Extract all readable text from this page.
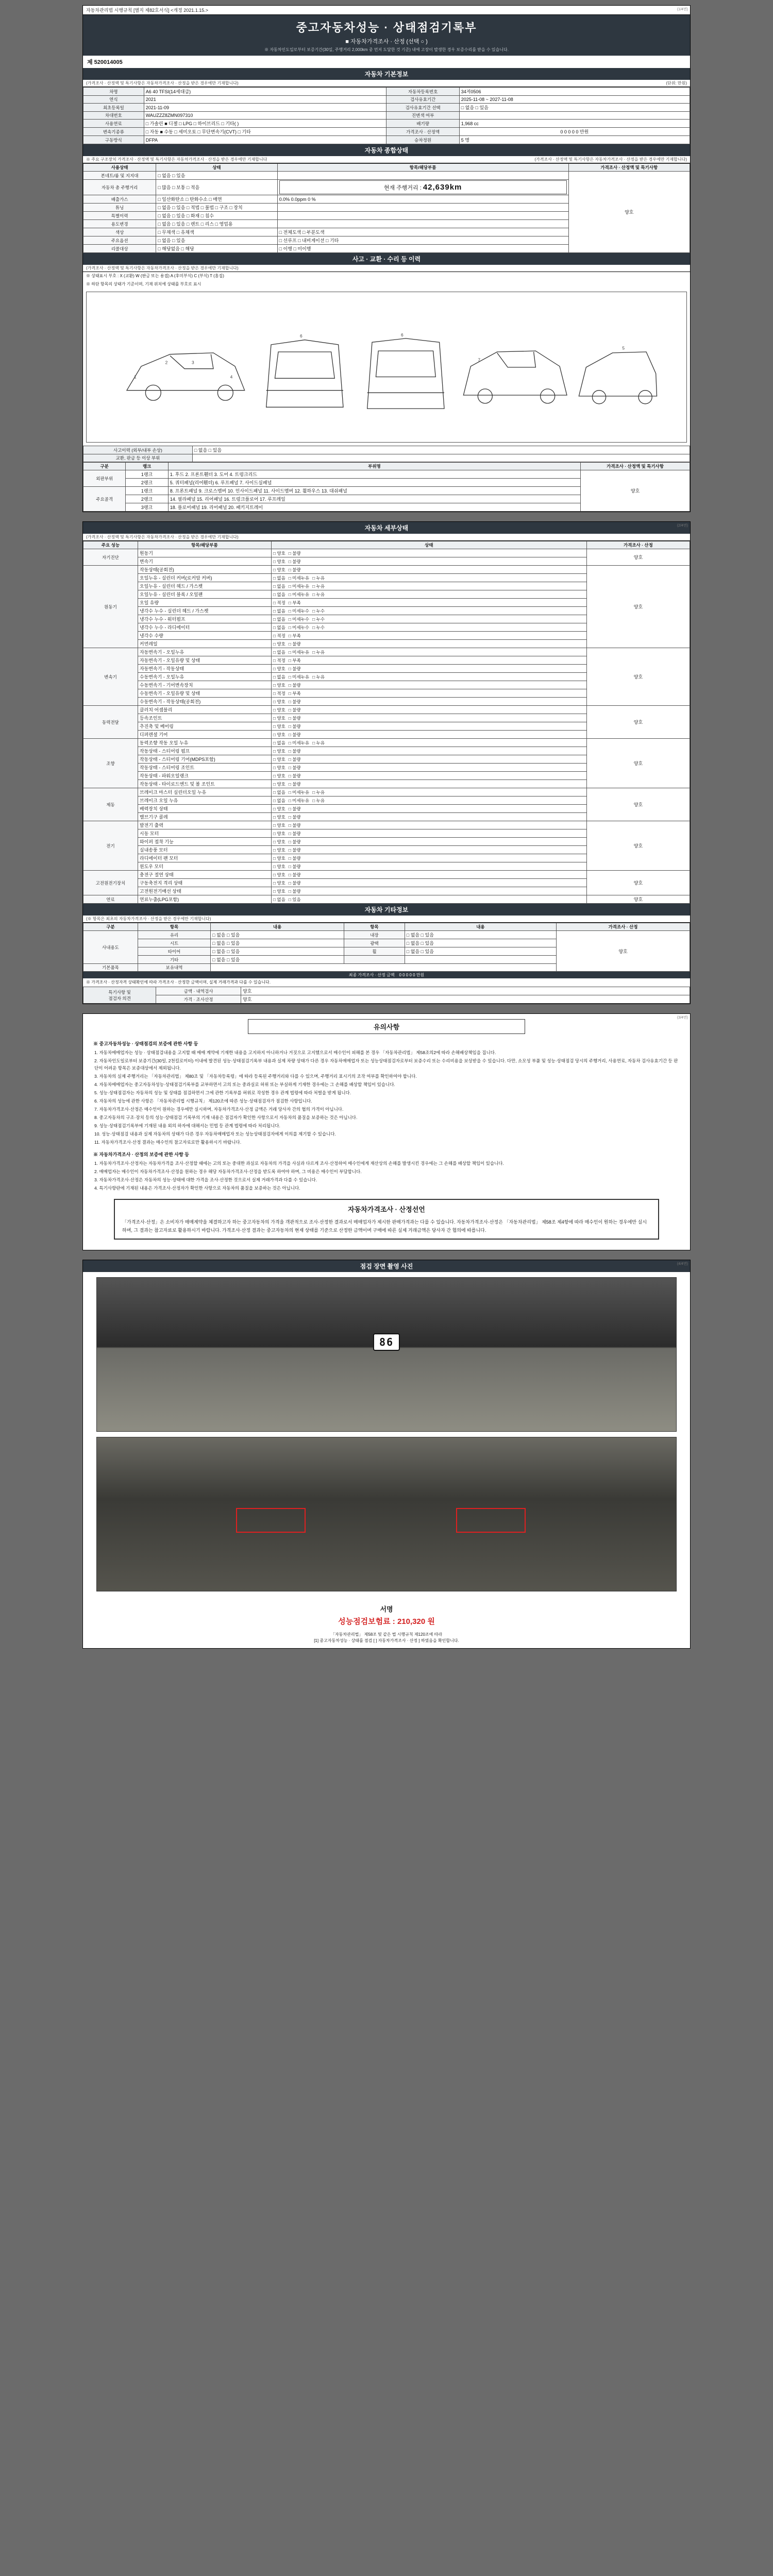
(1/4면)
자동차관리법 시행규칙 [별지 제82호서식] <개정 2021.1.15.>
중고자동차성능 · 상태점검기록부
■ 자동차가격조사 · 산정 (선택 ○ )
※ 자동차인도일로부터 보증기간(30일, 주행거리 2,000km 중 먼저 도달한 것 기준) 내에 고장이 발생한 경우 보증수리를 받을 수 있습니다.
제 520014005
자동차 기본정보
(가격조사 · 산정액 및 특기사항은 자동차가격조사 · 산정을 받은 경우에만 기재합니다)	(단위: 만원)
차명	A6 40 TFSI(14세대급)	자동차등록번호	34저0506
연식	2021	검사유효기간	2025-11-08 ~ 2027-11-08
최초등록일	2021-11-09	검사유효기간 선택	□ 없음 □ 있음
차대번호	WAUZZZ8ZMN097310	진변색 여부	
사용연료	□ 가솔린 ■ 디젤 □ LPG □ 하이브리드 □ 기타( )	배기량	1,968 cc
변속기종류	□ 자동 ■ 수동 □ 세미오토 □ 무단변속기(CVT) □ 기타	가격조사 · 산정액	0 0 0 0 0 만원
구동방식	DFPA	승차정원	5 명
자동차 종합상태
※ 주요 구조장치 가격조사 · 산정액 및 특기사항은 자동차가격조사 · 산정을 받은 경우에만 기재합니다	(가격조사 · 산정액 및 특기사항은 자동차가격조사 · 산정을 받은 경우에만 기재합니다)
사용상태	상태	항목/해당부품	가격조사 · 산정액 및 특기사항
본네트/룸 및 지지대	□ 없음 □ 있음		양호
자동차 총 주행거리	□ 많음 □ 보통 □ 적음	현재 주행거리 : 42,639km	

배출가스	□ 일산화탄소 □ 탄화수소 □ 매연	0.0% 0.0ppm 0 %	
튜닝	□ 없음 □ 있음 □ 적법 □ 불법 □ 구조 □ 장치		
특별이력	□ 없음 □ 있음 □ 화재 □ 침수		
용도변경	□ 없음 □ 있음 □ 렌트 □ 리스 □ 영업용		
색상	□ 무채색 □ 유채색	□ 전체도색 □ 부분도색	
주요옵션	□ 없음 □ 있음	□ 선루프 □ 내비게이션 □ 기타	
리콜대상	□ 해당없음 □ 해당	□ 이행 □ 미이행	
사고 · 교환 · 수리 등 이력
(가격조사 · 산정액 및 특기사항은 자동차가격조사 · 산정을 받은 경우에만 기재합니다)
※ 상태표시 부호 : X (교환) W (판금 또는 용접) A (후미부식) C (부식) T (흠집)
※ 하단 항목의 상태가 기준이며, 기재 위치에 상태를 부호로 표시
1
2	3
4
6	6
7
5
사고이력 (외부/내부 손상)	□ 없음 □ 있음
교환, 판금 등 이상 부위	
구분	랭크	부위명	가격조사 · 산정액 및 특기사항
외판부위	1랭크	1. 후드 2. 프론트휀더 3. 도어 4. 트렁크리드	양호
	2랭크	5. 쿼터패널(리어휀더) 6. 루프패널 7. 사이드실패널	
주요골격	1랭크	8. 프론트패널 9. 크로스멤버 10. 인사이드패널 11. 사이드멤버 12. 휠하우스 13. 대쉬패널	
	2랭크	14. 필라패널 15. 리어패널 16. 트렁크플로어 17. 루프레일	
	3랭크	18. 플로어패널 19. 리어패널 20. 패키지트레이	
(2/4면)
자동차 세부상태
(가격조사 · 산정액 및 특기사항은 자동차가격조사 · 산정을 받은 경우에만 기재합니다)
주요 성능	항목/해당부품	상태	가격조사 · 산정
자기진단	원동기	□ 양호 □ 불량	양호
	변속기	□ 양호 □ 불량	
원동기	작동상태(공회전)	□ 양호 □ 불량	양호
	오일누유 - 실린더 커버(로커암 커버)	□ 없음 □ 미세누유 □ 누유	
	오일누유 - 실린더 헤드 / 가스켓	□ 없음 □ 미세누유 □ 누유	
	오일누유 - 실린더 블록 / 오일팬	□ 없음 □ 미세누유 □ 누유	
	오일 유량	□ 적정 □ 부족	
	냉각수 누수 - 실린더 헤드 / 가스켓	□ 없음 □ 미세누수 □ 누수	
	냉각수 누수 - 워터펌프	□ 없음 □ 미세누수 □ 누수	
	냉각수 누수 - 라디에이터	□ 없음 □ 미세누수 □ 누수	
	냉각수 수량	□ 적정 □ 부족	
	커먼레일	□ 양호 □ 불량	
변속기	자동변속기 - 오일누유	□ 없음 □ 미세누유 □ 누유	양호
	자동변속기 - 오일유량 및 상태	□ 적정 □ 부족	
	자동변속기 - 작동상태	□ 양호 □ 불량	
	수동변속기 - 오일누유	□ 없음 □ 미세누유 □ 누유	
	수동변속기 - 기어변속장치	□ 양호 □ 불량	
	수동변속기 - 오일유량 및 상태	□ 적정 □ 부족	
	수동변속기 - 작동상태(공회전)	□ 양호 □ 불량	
동력전달	클러치 어셈블리	□ 양호 □ 불량	양호
	등속조인트	□ 양호 □ 불량	
	추진축 및 베어링	□ 양호 □ 불량	
	디퍼렌셜 기어	□ 양호 □ 불량	
조향	동력조향 작동 오일 누유	□ 없음 □ 미세누유 □ 누유	양호
	작동상태 - 스티어링 펌프	□ 양호 □ 불량	
	작동상태 - 스티어링 기어(MDPS포함)	□ 양호 □ 불량	
	작동상태 - 스티어링 조인트	□ 양호 □ 불량	
	작동상태 - 파워오일랭크	□ 양호 □ 불량	
	작동상태 - 타이로드엔드 및 볼 조인트	□ 양호 □ 불량	
제동	브레이크 마스터 실린더오일 누유	□ 없음 □ 미세누유 □ 누유	양호
	브레이크 오일 누유	□ 없음 □ 미세누유 □ 누유	
	배력장치 상태	□ 양호 □ 불량	
	밸브기구 콜레	□ 양호 □ 불량	
전기	발전기 출력	□ 양호 □ 불량	양호
	시동 모터	□ 양호 □ 불량	
	와이퍼 접착 기능	□ 양호 □ 불량	
	실내송풍 모터	□ 양호 □ 불량	
	라디에이터 팬 모터	□ 양호 □ 불량	
	윈도우 모터	□ 양호 □ 불량	
고전원전기장치	충전구 절연 상태	□ 양호 □ 불량	양호
	구동축전지 격리 상태	□ 양호 □ 불량	
	고전원전기배선 상태	□ 양호 □ 불량	
연료	연료누출(LPG포함)	□ 없음 □ 있음	양호
자동차 기타정보
(※ 항목은 최초의 자동차가격조사 · 산정을 받은 경우에만 기재합니다)
구분	항목	내용	항목	내용	가격조사 · 산정
사내용도	유리	□ 없음 □ 있음	내장	□ 없음 □ 있음	양호
	시트	□ 없음 □ 있음	광택	□ 없음 □ 있음	
	타이어	□ 없음 □ 있음	휠	□ 없음 □ 있음	
	기타	□ 없음 □ 있음			
기본품목	보유내역				
최종 가격조사 · 산정 금액 0 0 0 0 0 만원
※ 가격조사 · 산정자격 상태확인에 따라 가격조사 · 산정한 금액이며, 실제 거래가격과 다를 수 있습니다.
특기사항 및
점검자 의견	금액 · 내역검사	양호
	가격 · 조사산정	양호
(3/4면)
유의사항
※ 중고자동차성능 · 상태점검의 보증에 관한 사항 등
1. 자동차매매업자는 성능 · 상태점검내용을 고지할 때 매매 계약에 기재한 내용을 고지하지 아니하거나 거짓으로 고지했으로서 매수인이 피해를 본 경우 「자동차관리법」 제58조의2에 따라 손해배상책임을 집니다.
2. 자동차인도일로부터 보증기간(30일, 2천킬로미터) 이내에 발견된 성능·상태점검기록부 내용과 실제 차량 상태가 다른 경우 자동차매매업자 또는 성능상태점검자로부터 보증수리 또는 수리비용을 보상받을 수 있습니다. 다만, 소모성 부품 및 성능·상태점검 당시의 주행거리, 사용연료, 자동차 검사유효기간 등 판단이 어려운 항목은 보증대상에서 제외됩니다.
3. 자동차의 실제 주행거리는 「자동차관리법」 제80조 및 「자동차등록령」에 따라 등록된 주행거리와 다를 수 있으며, 주행거리 표시기의 조작 여부를 확인하여야 합니다.
4. 자동차매매업자는 중고자동차성능·상태점검기록부를 교부하면서 고의 또는 중과실로 허위 또는 부실하게 기재한 경우에는 그 손해를 배상할 책임이 있습니다.
5. 성능·상태점검자는 자동차의 성능 및 상태를 점검하면서 그에 관한 기록부를 허위로 작성한 경우 관계 법령에 따라 처벌을 받게 됩니다.
6. 자동차의 성능에 관한 사항은 「자동차관리법 시행규칙」 제120조에 따른 성능·상태점검자가 점검한 사항입니다.
7. 자동차가격조사·산정은 매수인이 원하는 경우에만 실시하며, 자동차가격조사·산정 금액은 거래 당사자 간의 협의 가격이 아닙니다.
8. 중고자동차의 구조·장치 등의 성능·상태점검 기록부의 기재 내용은 점검자가 확인한 사항으로서 자동차의 품질을 보증하는 것은 아닙니다.
9. 성능·상태점검기록부에 기재된 내용 외의 하자에 대해서는 민법 등 관계 법령에 따라 처리됩니다.
10. 성능·상태점검 내용과 실제 자동차의 상태가 다른 경우 자동차매매업자 또는 성능상태점검자에게 이의를 제기할 수 있습니다.
11. 자동차가격조사·산정 결과는 매수인의 참고자료로만 활용하시기 바랍니다.
※ 자동차가격조사 · 산정의 보증에 관한 사항 등
1. 자동차가격조사·산정자는 자동차가격을 조사·산정할 때에는 고의 또는 중대한 과실로 자동차의 가격을 사실과 다르게 조사·산정하여 매수인에게 재산상의 손해를 발생시킨 경우에는 그 손해를 배상할 책임이 있습니다.
2. 매매업자는 매수인이 자동차가격조사·산정을 원하는 경우 해당 자동차가격조사·산정을 받도록 하여야 하며, 그 비용은 매수인이 부담합니다.
3. 자동차가격조사·산정은 자동차의 성능·상태에 대한 가격을 조사·산정한 것으로서 실제 거래가격과 다를 수 있습니다.
4. 특기사항란에 기재된 내용은 가격조사·산정자가 확인한 사항으로 자동차의 품질을 보증하는 것은 아닙니다.
자동차가격조사 · 산정선언
「가격조사·산정」은 소비자가 매매계약을 체결하고자 하는 중고자동차의 가격을 객관적으로 조사·산정한 결과로서 매매업자가 제시한 판매가격과는 다를 수 있습니다. 자동차가격조사·산정은 「자동차관리법」 제58조 제4항에 따라 매수인이 원하는 경우에만 실시하며, 그 결과는 참고자료로 활용하시기 바랍니다. 가격조사·산정 결과는 중고자동차의 현재 상태를 기준으로 산정한 금액이며 구매에 따른 실제 거래금액은 당사자 간 협의에 따릅니다.
(4/4면)
점검 장면 촬영 사진
86
서명
성능점검보험료 : 210,320 원
「자동차관리법」 제58조 및 같은 법 시행규칙 제120조에 따라
[1] 중고자동차성능 · 상태를 점검 [ ] 자동차가격조사 · 산정 ] 하였음을 확인합니다.
